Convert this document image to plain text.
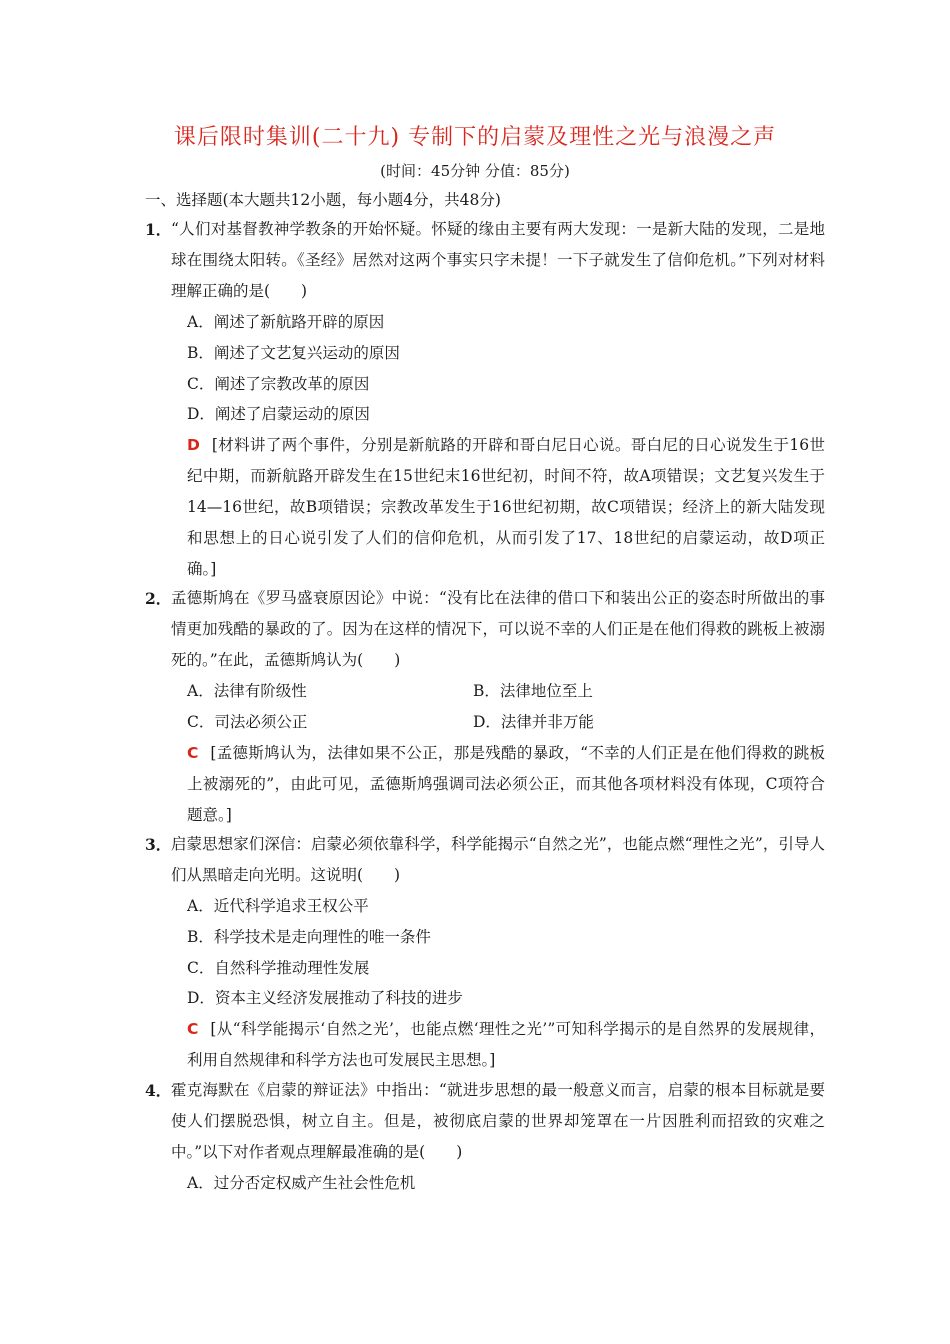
课后限时集训(二十九) 专制下的启蒙及理性之光与浪漫之声
(时间：45分钟 分值：85分)
一、选择题(本大题共12小题，每小题4分，共48分)
1． “人们对基督教神学教条的开始怀疑。怀疑的缘由主要有两大发现：一是新大陆的发现，二是地球在围绕太阳转。《圣经》居然对这两个事实只字未提！一下子就发生了信仰危机。”下列对材料理解正确的是(　　)
A．阐述了新航路开辟的原因
B．阐述了文艺复兴运动的原因
C．阐述了宗教改革的原因
D．阐述了启蒙运动的原因
D [材料讲了两个事件，分别是新航路的开辟和哥白尼日心说。哥白尼的日心说发生于16世纪中期，而新航路开辟发生在15世纪末16世纪初，时间不符，故A项错误；文艺复兴发生于14—16世纪，故B项错误；宗教改革发生于16世纪初期，故C项错误；经济上的新大陆发现和思想上的日心说引发了人们的信仰危机，从而引发了17、18世纪的启蒙运动，故D项正确。]
2． 孟德斯鸠在《罗马盛衰原因论》中说：“没有比在法律的借口下和装出公正的姿态时所做出的事情更加残酷的暴政的了。因为在这样的情况下，可以说不幸的人们正是在他们得救的跳板上被溺死的。”在此，孟德斯鸠认为(　　)
A．法律有阶级性	B．法律地位至上
C．司法必须公正	D．法律并非万能
C [孟德斯鸠认为，法律如果不公正，那是残酷的暴政，“不幸的人们正是在他们得救的跳板上被溺死的”，由此可见，孟德斯鸠强调司法必须公正，而其他各项材料没有体现，C项符合题意。]
3． 启蒙思想家们深信：启蒙必须依靠科学，科学能揭示“自然之光”，也能点燃“理性之光”，引导人们从黑暗走向光明。这说明(　　)
A．近代科学追求王权公平
B．科学技术是走向理性的唯一条件
C．自然科学推动理性发展
D．资本主义经济发展推动了科技的进步
C [从“科学能揭示‘自然之光’，也能点燃‘理性之光’”可知科学揭示的是自然界的发展规律，利用自然规律和科学方法也可发展民主思想。]
4． 霍克海默在《启蒙的辩证法》中指出：“就进步思想的最一般意义而言，启蒙的根本目标就是要使人们摆脱恐惧，树立自主。但是，被彻底启蒙的世界却笼罩在一片因胜利而招致的灾难之中。”以下对作者观点理解最准确的是(　　)
A．过分否定权威产生社会性危机
